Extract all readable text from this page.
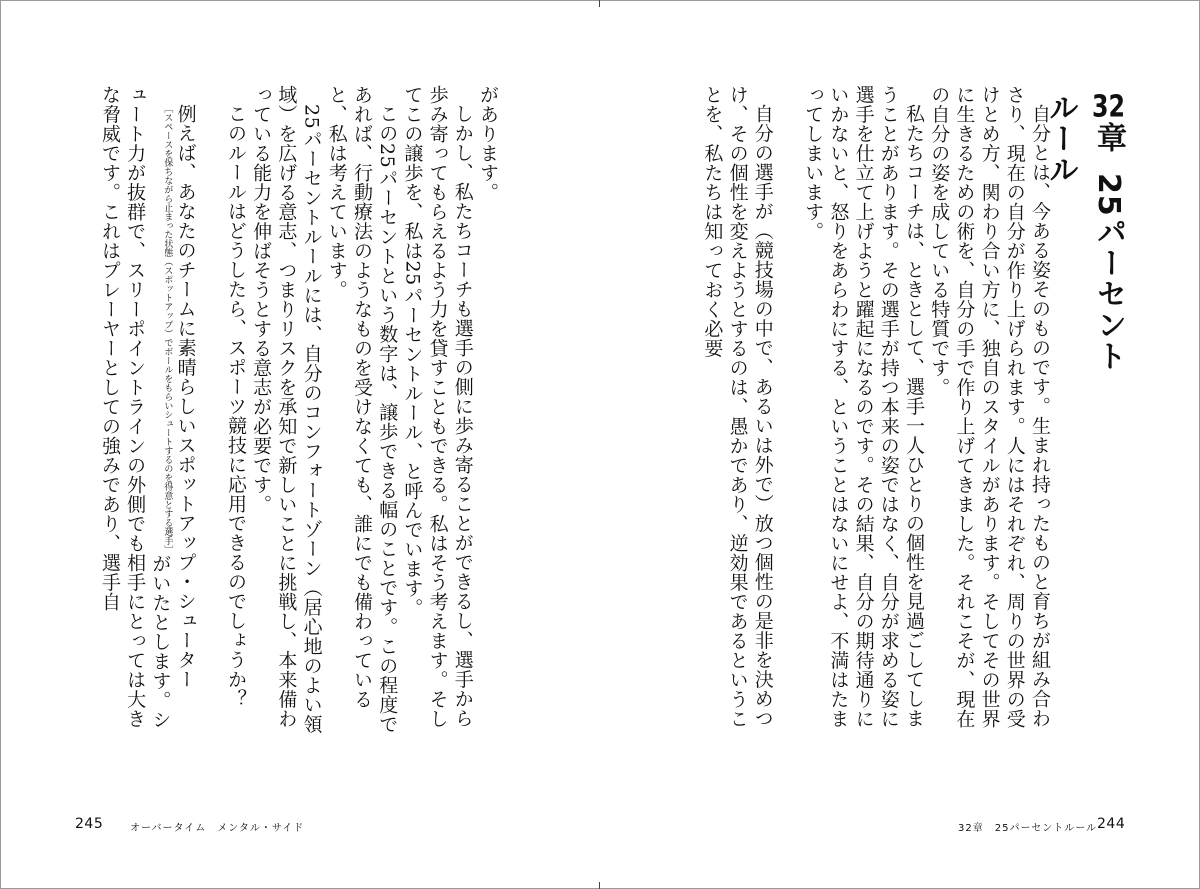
があります。

しかし、私たちコーチも選手の側に歩み寄ることができるし、選手から歩み寄ってもらえるよう力を貸すこともできる。私はそう考えます。そしてこの譲歩を、私は25パーセントルール、と呼んでいます。

この25パーセントという数字は、譲歩できる幅のことです。この程度であれば、行動療法のようなものを受けなくても、誰にでも備わっていると、私は考えています。

25パーセントルールには、自分のコンフォートゾーン（居心地のよい領域）を広げる意志、つまりリスクを承知で新しいことに挑戦し、本来備わっている能力を伸ばそうとする意志が必要です。

このルールはどうしたら、スポーツ競技に応用できるのでしょうか？

例えば、あなたのチームに素晴らしいスポットアップ・シューター［スペースを保ちながら止まった状態（スポットアップ）でボールをもらいシュートするのを得意とする選手］がいたとします。シュート力が抜群で、スリーポイントラインの外側でも相手にとっては大きな脅威です。これはプレーヤーとしての強みであり、選手自

245	オーバータイム　メンタル・サイド
32章25パーセントルール

自分とは、今ある姿そのものです。生まれ持ったものと育ちが組み合わさり、現在の自分が作り上げられます。人にはそれぞれ、周りの世界の受けとめ方、関わり合い方に、独自のスタイルがあります。そしてその世界に生きるための術を、自分の手で作り上げてきました。それこそが、現在の自分の姿を成している特質です。

私たちコーチは、ときとして、選手一人ひとりの個性を見過ごしてしまうことがあります。その選手が持つ本来の姿ではなく、自分が求める姿に選手を仕立て上げようと躍起になるのです。その結果、自分の期待通りにいかないと、怒りをあらわにする、ということはないにせよ、不満はたまってしまいます。

自分の選手が（競技場の中で、あるいは外で）放つ個性の是非を決めつけ、その個性を変えようとするのは、愚かであり、逆効果であるということを、私たちは知っておく必要

32章　25パーセントルール 244
